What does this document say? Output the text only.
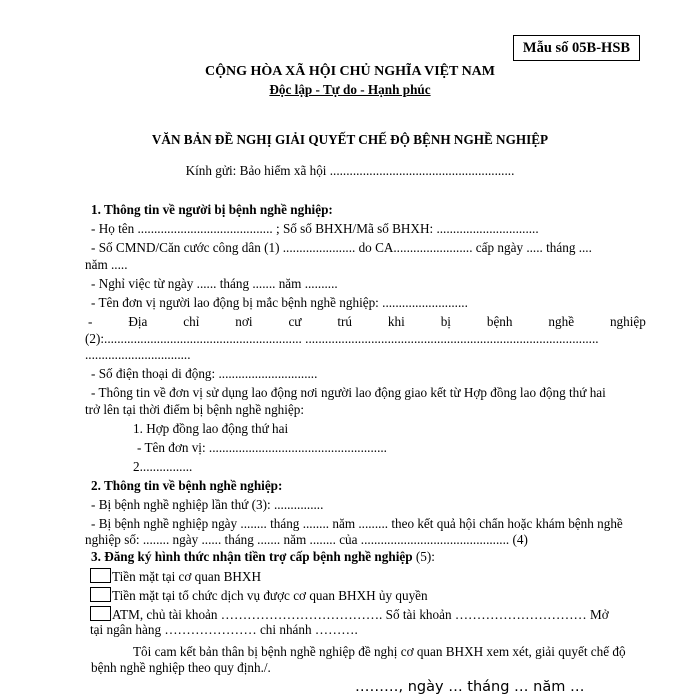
Mẫu số 05B-HSB
CỘNG HÒA XÃ HỘI CHỦ NGHĨA VIỆT NAM
Độc lập - Tự do - Hạnh phúc
VĂN BẢN ĐỀ NGHỊ GIẢI QUYẾT CHẾ ĐỘ BỆNH NGHỀ NGHIỆP
Kính gửi: Bảo hiểm xã hội ........................................................
1. Thông tin về người bị bệnh nghề nghiệp:
- Họ tên ......................................... ; Số số BHXH/Mã số BHXH: ...............................
- Số CMND/Căn cước công dân (1) ...................... do CA........................ cấp ngày ..... tháng ....
năm .....
- Nghỉ việc từ ngày ...... tháng ....... năm ..........
- Tên đơn vị người lao động bị mắc bệnh nghề nghiệp: ..........................
-	Địa	chỉ	nơi	cư	trú	khi	bị	bệnh	nghề	nghiệp
(2):............................................................ .........................................................................................
................................
- Số điện thoại di động: ..............................
- Thông tin về đơn vị sử dụng lao động nơi người lao động giao kết từ Hợp đồng lao động thứ hai
trở lên tại thời điểm bị bệnh nghề nghiệp:
1. Hợp đồng lao động thứ hai
- Tên đơn vị: ......................................................
2................
2. Thông tin về bệnh nghề nghiệp:
- Bị bệnh nghề nghiệp lần thứ (3): ...............
- Bị bệnh nghề nghiệp ngày ........ tháng ........ năm ......... theo kết quả hội chẩn hoặc khám bệnh nghề
nghiệp số: ........ ngày ...... tháng ....... năm ........ của ............................................. (4)
3. Đăng ký hình thức nhận tiền trợ cấp bệnh nghề nghiệp (5):
Tiền mặt tại cơ quan BHXH
Tiền mặt tại tổ chức dịch vụ được cơ quan BHXH ủy quyền
ATM, chủ tài khoản ………………………………. Số tài khoản ………………………… Mở
tại ngân hàng ………………… chi nhánh ……….
Tôi cam kết bản thân bị bệnh nghề nghiệp đề nghị cơ quan BHXH xem xét, giải quyết chế độ
bệnh nghề nghiệp theo quy định./.
………, ngày … tháng … năm …
